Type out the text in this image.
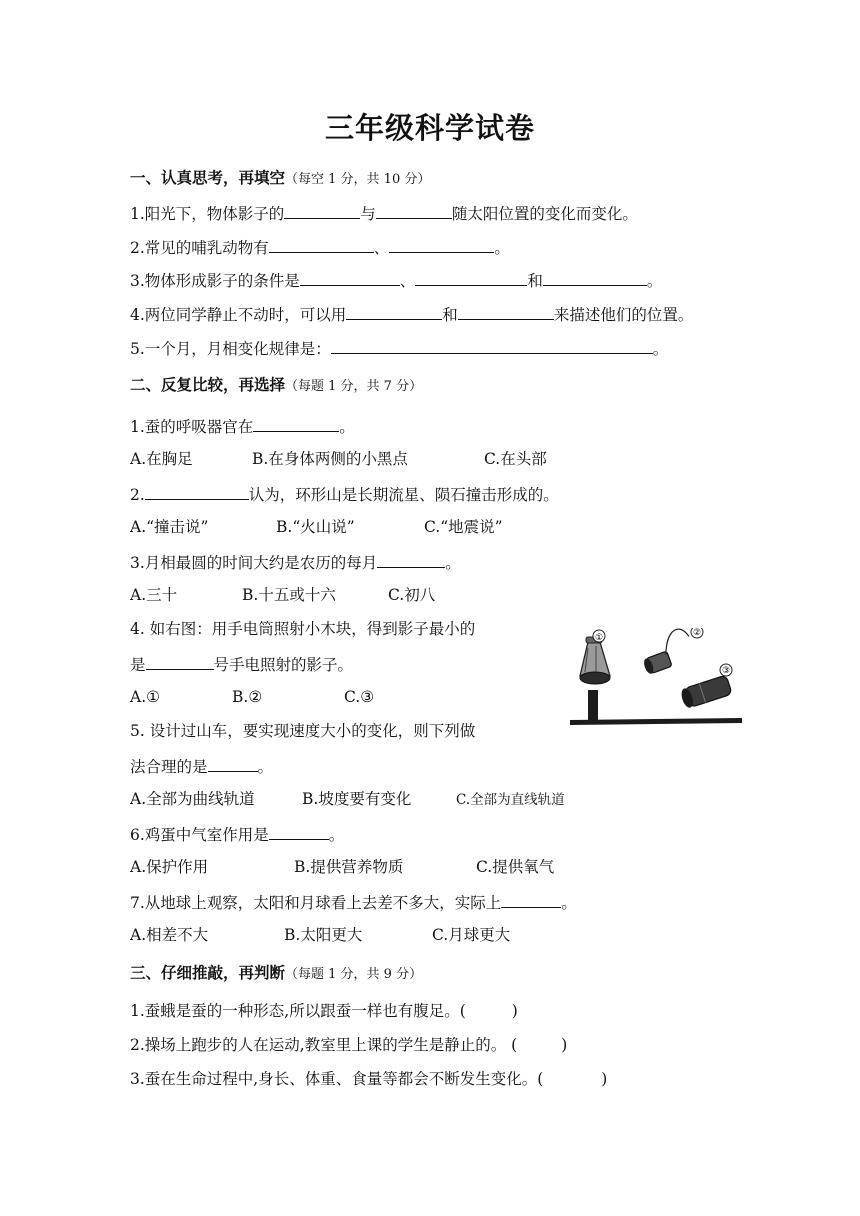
三年级科学试卷
一、认真思考，再填空（每空 1 分，共 10 分）
1.阳光下，物体影子的	与	随太阳位置的变化而变化。
2.常见的哺乳动物有	、	。
3.物体形成影子的条件是	、	和	。
4.两位同学静止不动时，可以用	和	来描述他们的位置。
5.一个月，月相变化规律是：	。
二、反复比较，再选择（每题 1 分，共 7 分）
1.蚕的呼吸器官在	。
A.在胸足	B.在身体两侧的小黑点	C.在头部
2.	认为，环形山是长期流星、陨石撞击形成的。
A.“撞击说”	B.“火山说”	C.“地震说”
3.月相最圆的时间大约是农历的每月	。
A.三十	B.十五或十六	C.初八
4. 如右图：用手电筒照射小木块，得到影子最小的
是	号手电照射的影子。
A.①	B.②	C.③
5. 设计过山车，要实现速度大小的变化，则下列做
法合理的是	。
A.全部为曲线轨道	B.坡度要有变化	C.全部为直线轨道
6.鸡蛋中气室作用是	。
A.保护作用	B.提供营养物质	C.提供氧气
7.从地球上观察，太阳和月球看上去差不多大，实际上	。
A.相差不大	B.太阳更大	C.月球更大
三、仔细推敲，再判断（每题 1 分，共 9 分）
1.蚕蛾是蚕的一种形态,所以跟蚕一样也有腹足。(	)
2.操场上跑步的人在运动,教室里上课的学生是静止的。 (	)
3.蚕在生命过程中,身长、体重、食量等都会不断发生变化。(	)
①	②
③
